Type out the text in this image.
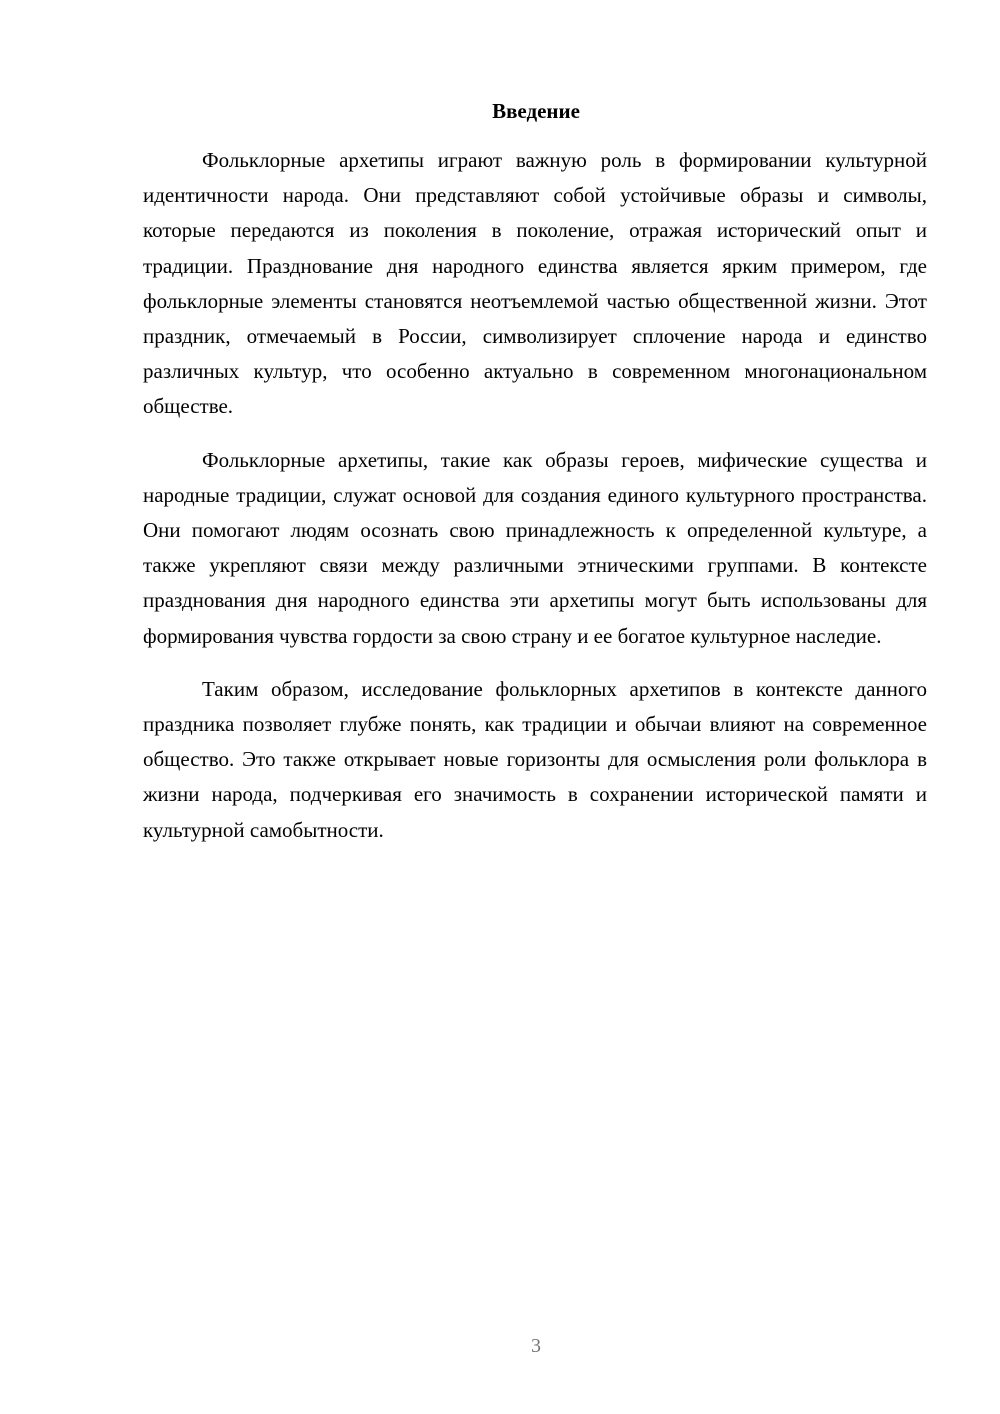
Введение

Фольклорные архетипы играют важную роль в формировании культурной идентичности народа. Они представляют собой устойчивые образы и символы, которые передаются из поколения в поколение, отражая исторический опыт и традиции. Празднование дня народного единства является ярким примером, где фольклорные элементы становятся неотъемлемой частью общественной жизни. Этот праздник, отмечаемый в России, символизирует сплочение народа и единство различных культур, что особенно актуально в современном многонациональном обществе.

Фольклорные архетипы, такие как образы героев, мифические существа и народные традиции, служат основой для создания единого культурного пространства. Они помогают людям осознать свою принадлежность к определенной культуре, а также укрепляют связи между различными этническими группами. В контексте празднования дня народного единства эти архетипы могут быть использованы для формирования чувства гордости за свою страну и ее богатое культурное наследие.

Таким образом, исследование фольклорных архетипов в контексте данного праздника позволяет глубже понять, как традиции и обычаи влияют на современное общество. Это также открывает новые горизонты для осмысления роли фольклора в жизни народа, подчеркивая его значимость в сохранении исторической памяти и культурной самобытности.

3
